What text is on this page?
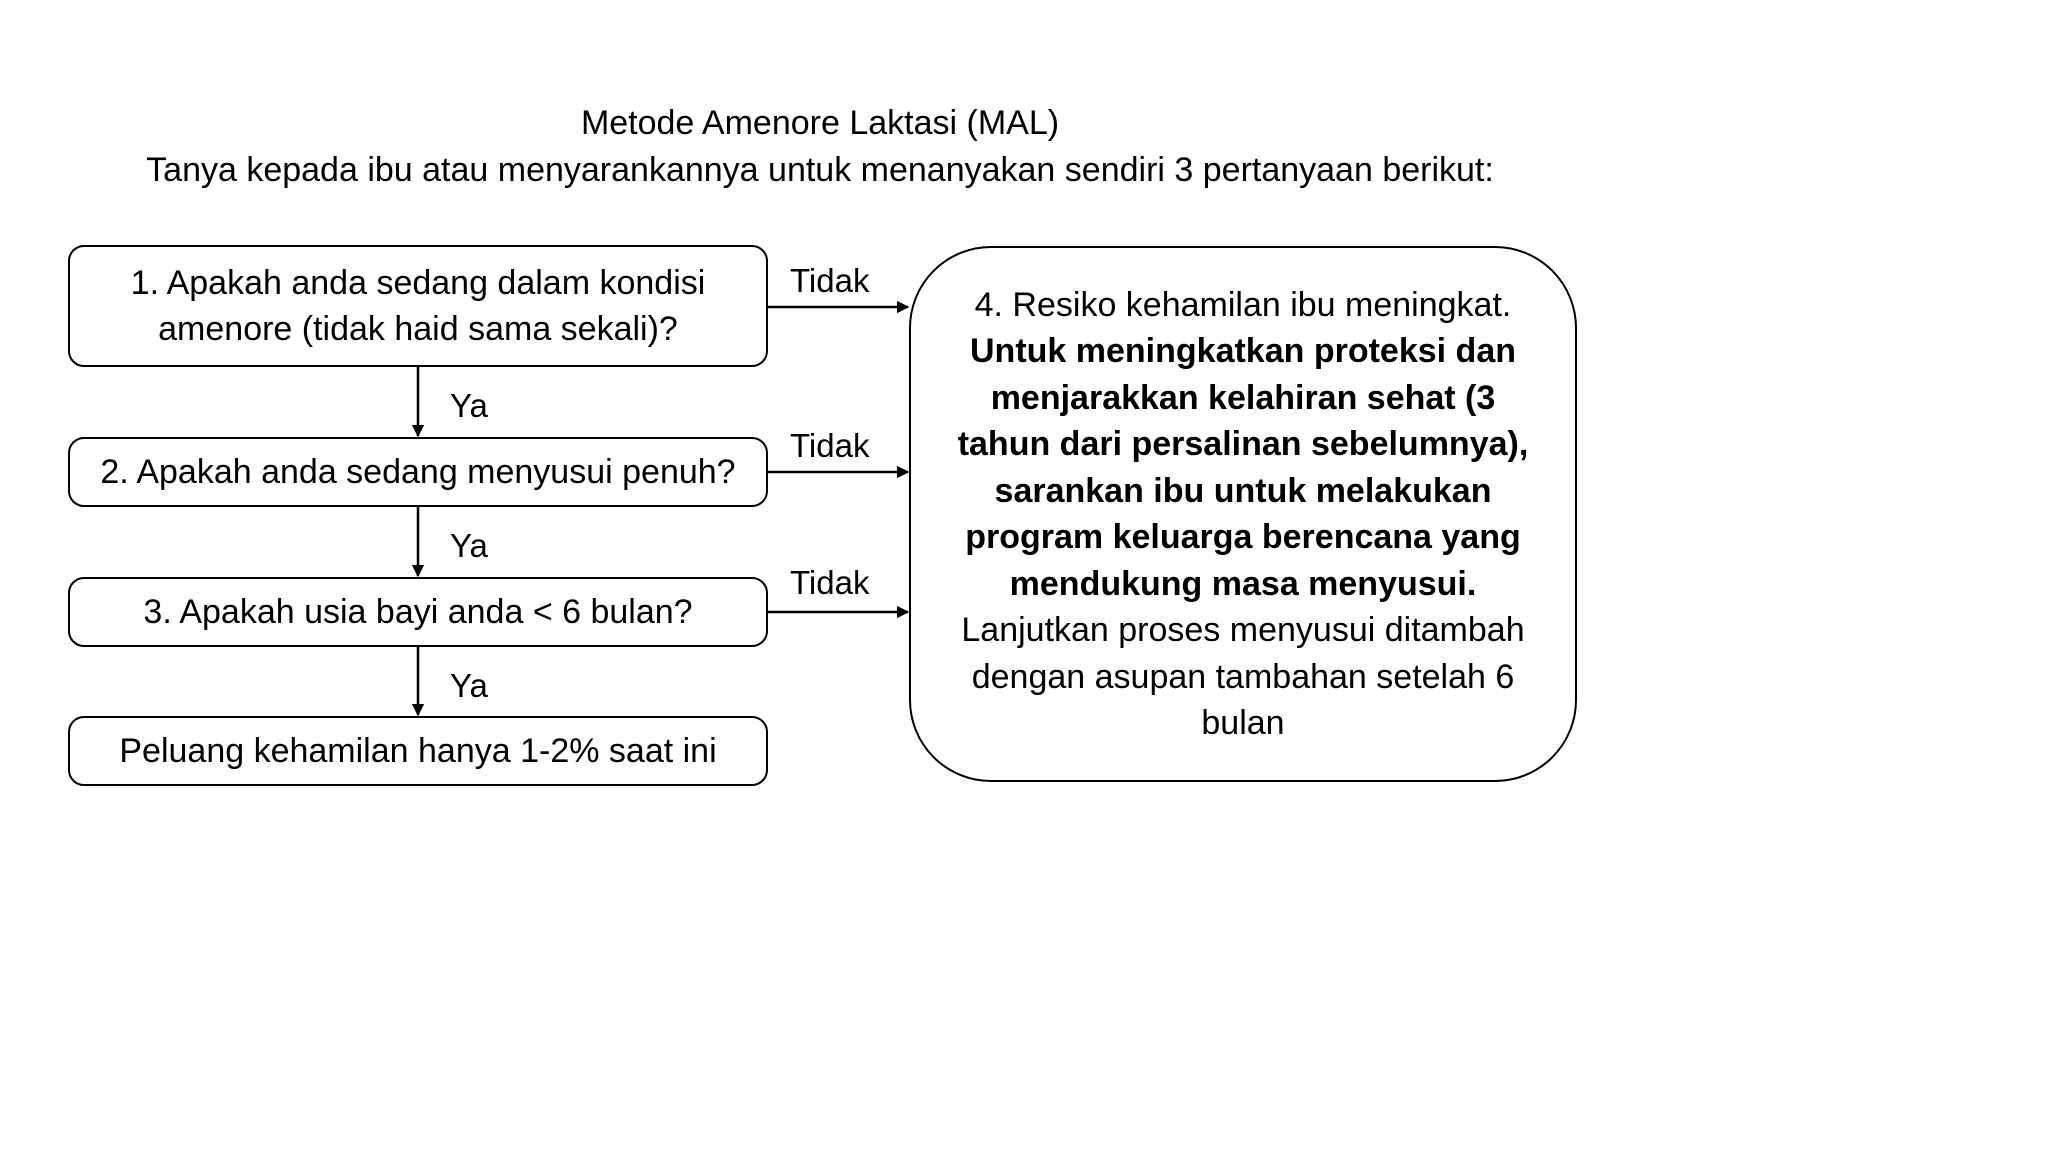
Metode Amenore Laktasi (MAL)
Tanya kepada ibu atau menyarankannya untuk menanyakan sendiri 3 pertanyaan berikut:
1. Apakah anda sedang dalam kondisi amenore (tidak haid sama sekali)?
2. Apakah anda sedang menyusui penuh?
3. Apakah usia bayi anda < 6 bulan?
Peluang kehamilan hanya 1-2% saat ini
4. Resiko kehamilan ibu meningkat.
Untuk meningkatkan proteksi dan menjarakkan kelahiran sehat (3 tahun dari persalinan sebelumnya), sarankan ibu untuk melakukan program keluarga berencana yang mendukung masa menyusui.
Lanjutkan proses menyusui ditambah dengan asupan tambahan setelah 6 bulan
Ya
Ya
Ya
Tidak
Tidak
Tidak
